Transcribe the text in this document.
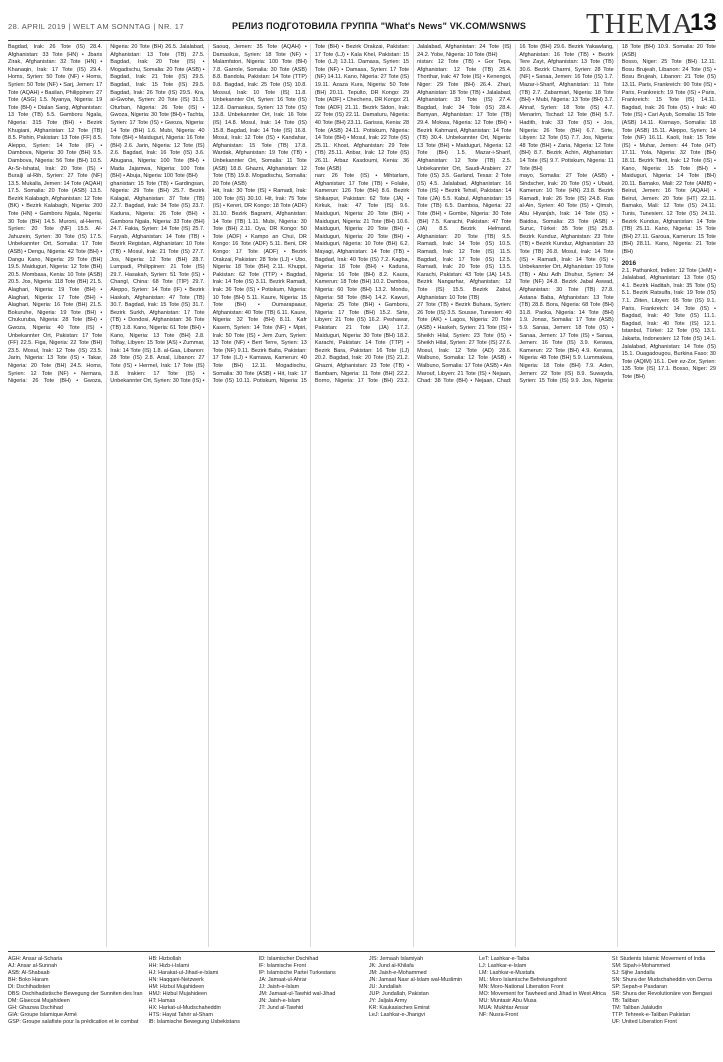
28. APRIL 2019 | WELT AM SONNTAG | NR. 17	РЕЛИЗ ПОДГОТОВИЛА ГРУППА "What's News" VK.COM/WSNWS THEMA
13

Bagdad, Irak: 26 Tote (IS) 28.4. Afghanistan: 33 Tote (HN) • Jbaris Zirak, Afghanistan: 32 Tote (HN) • Khanaqin, Irak: 17 Tote (IS) 29.4. Homs, Syrien: 50 Tote (NF) • Homs, Syrien: 50 Tote (NF) • Sarj, Jemen: 17 Tote (AQAH) • Basilan, Philippinen: 27 Tote (ASG) 1.5. Nyanya, Nigeria: 19 Tote (BH) • Dialan Sang, Afghanistan: 13 Tote (TB) 5.5. Gamboru Ngala, Nigeria: 315 Tote (BH) • Bezirk Khugiani, Afghanistan: 12 Tote (TB) 8.5. Pishin, Pakistan: 13 Tote (FF) 8.5. Aleppo, Syrien: 14 Tote (IF) • Dambova, Nigeria: 30 Tote (BH) 9.5. Dambova, Nigeria: 56 Tote (BH) 10.5. Ar-Sr-Ishatal, Irak: 20 Tote (IS) • Buraiji al-Rih, Syrien: 27 Tote (NF) 13.5. Mukalla, Jemen: 14 Tote (AQAH) 17.5. Somalia: 20 Tote (ASB) 13.5. Bezirk Kalabagh, Afghanistan: 12 Tote (BK) • Bezirk Kalabagh, Nigeria: 200 Tote (HN) • Gamboru Ngala, Nigeria: 30 Tote (BH) 14.5. Muroni, al-Hermi, Syrien: 20 Tote (NF) 15.5. Al-Jahuzein, Syrien: 30 Tote (IS) 17.5. Unbekannter Ort, Somalia: 17 Tote (ASB) • Dengu, Nigeria: 42 Tote (BH) • Dangu Kano, Nigeria: 29 Tote (BH) 19.5. Maiduguri, Nigeria: 12 Tote (BH) 20.5. Mombasa, Kenia: 10 Tote (ASB) 20.5. Jos, Nigeria: 118 Tote (BH) 21.5. Alaghari, Nigeria: 19 Tote (BH) • Alaghari, Nigeria: 17 Tote (BH) • Alaghari, Nigeria: 16 Tote (BH) 21.5. Bokuruhe, Nigeria: 19 Tote (BH) • Chukuruba, Nigeria: 28 Tote (BH) • Gwoza, Nigeria: 40 Tote (IS) • Unbekannter Ort, Pakistan: 17 Tote (FF) 22.5. Figa, Nigeria: 22 Tote (BH) 23.5. Mosul, Irak: 12 Tote (IS) 23.5. Jarin, Nigeria: 13 Tote (IS) • Takar, Nigeria: 20 Tote (BH) 24.5. Homs, Syrien: 12 Tote (NF) • Nemara, Nigeria: 26 Tote (BH) • Gwoza, Nigeria: 20 Tote (BH) 26.5. Jalalabad, Afghanistan: 13 Tote (TB) 27.5. Bagdad, Irak: 20 Tote (IS) • Mogadischu, Somalia: 20 Tote (ASB) • Bagdad, Irak: 21 Tote (IS) 29.5. Bagdad, Irak: 15 Tote (IS) 29.5. Bagdad, Irak: 26 Tote (IS) 29.5. Kra, al-Gwohe, Syrien: 20 Tote (IS) 31.5. Oturban, Nigeria: 26 Tote (IS) • Gwoza, Nigeria: 30 Tote (BH) • Tachta, Syrien: 17 Tote (IS) • Gwoza, Nigeria: 14 Tote (BH) 1.6. Mubi, Nigeria: 40 Tote (BH) • Maiduguri, Nigeria: 16 Tote (BH) 2.6. Jarin, Nigeria: 12 Tote (IS) 2.6. Bagdad, Irak: 16 Tote (IS) 3.6. Abugana, Nigeria: 100 Tote (BH) • Mada Jajamwa, Nigeria: 100 Tote (BH) • Abuja, Nigeria: 100 Tote (BH)

ghanistan: 15 Tote (TB) • Gardingsan, Nigeria: 29 Tote (BH) 25.7. Bezirk Kalagal, Afghanistan: 37 Tote (TB) 22.7. Bagdad, Irak: 34 Tote (IS) 23.7. Kaduna, Nigeria: 26 Tote (BH) • Gambora Ngala, Nigeria: 33 Tote (BH) 24.7. Fakia, Syrien: 14 Tote (IS) 25.7. Faryab, Afghanistan: 14 Tote (TB) • Bezirk Registan, Afghanistan: 10 Tote (TB) • Mosul, Irak: 21 Tote (IS) 27.7. Jos, Nigeria: 12 Tote (BH) 28.7. Lumpadi, Philippinen: 21 Tote (IS) 29.7. Hasakah, Syrien: 51 Tote (IS) • Changl, China: 68 Tote (TIP) 29.7. Aleppo, Syrien: 14 Tote (IF) • Bezirk Haskah, Afghanistan: 47 Tote (TB) 30.7. Bagdad, Irak: 15 Tote (IS) 31.7. Bezirk Surkh, Afghanistan: 17 Tote (TB) • Dondosi, Afghanistan: 36 Tote (TB) 1.8. Kano, Nigeria: 61 Tote (BH) • Kano, Nigeria: 13 Tote (BH) 2.8. Tolfay, Libyen: 15 Tote (AS) • Zummar, Irak: 14 Tote (IS) 1.8. al-Gaa, Libanon: 28 Tote (IS) 2.8. Arsal, Libanon: 27 Tote (IS) • Hermel, Irak: 17 Tote (IS) 3.8. Irakien: 17 Tote (IS) • Unbekannter Ort, Syrien: 30 Tote (IS) • Saouq, Jemen: 35 Tote (AQAH) • Damaskus, Syrien: 18 Tote (NF) • Malamfatori, Nigeria: 100 Tote (BH) 7.8. Garrole, Somalia: 30 Tote (ASB) 8.8. Bandola, Pakistan: 14 Tote (TTP) 9.8. Bagdad, Irak: 25 Tote (IS) 10.8. Mossul, Irak: 10 Tote (IS) 11.8. Unbekannter Ort, Syrien: 16 Tote (IS) 12.8. Damaskus, Syrien: 13 Tote (IS) 13.8. Unbekannter Ort, Irak: 16 Tote (IS) 14.8. Mosul, Irak: 14 Tote (IS) 15.8. Bagdad, Irak: 14 Tote (IS) 16.8. Mosul, Irak: 12 Tote (IS) • Kandahar, Afghanistan: 15 Tote (TB) 17.8. Wardak, Afghanistan: 19 Tote (TB) • Unbekannter Ort, Somalia: 11 Tote (ASB) 18.8. Ghazni, Afghanistan: 12 Tote (TB) 19.8. Mogadischu, Somalia: 20 Tote (ASB)

Hit, Irak: 30 Tote (IS) • Ramadi, Irak: 100 Tote (IS) 30.10. Hit, Irak: 75 Tote (IS) • Kereri, DR Kongo: 18 Tote (ADF) 31.10. Bezirk Bagrami, Afghanistan: 14 Tote (TB) 1.11. Mubi, Nigeria: 30 Tote (BH) 2.11. Oya, DR Kongo: 50 Tote (ADF) • Kampo an Chui, DR Kongo: 16 Tote (ADF) 5.11. Beni, DR Kongo: 17 Tote (ADF) • Bezirk Orakzai, Pakistan: 28 Tote (LJ) • Ubo, Nigeria: 18 Tote (BH) 2.11. Khuppi, Pakistan: 62 Tote (TTP) • Bagdad, Irak: 14 Tote (IS) 3.11. Bezirk Ramadi, Irak: 36 Tote (IS) • Potiskum, Nigeria: 10 Tote (BH) 5.11. Kaure, Nigeria: 15 Tote (BH) • Oumarapaaur, Afghanistan: 40 Tote (TB) 6.11. Kaure, Nigeria: 32 Tote (BH) 8.11. Kafr Kasem, Syrien: 14 Tote (NF) • Mpiri, Irak: 50 Tote (IS) • Jem Zum, Syrien: 13 Tote (NF) • Bert Terre, Syrien: 13 Tote (NF) 9.11. Bezirk Balta, Pakistan: 17 Tote (LJ) • Kamawa, Kamerun: 40 Tote (BH) 12.11. Mogadischu, Somalia: 30 Tote (ASB) • Hit, Irak: 17 Tote (IS) 10.11. Potiskum, Nigeria: 15 Tote (BH) • Bezirk Orakzai, Pakistan: 17 Tote (LJ) • Kala Khel, Pakistan: 15 Tote (LJ) 13.11. Damasa, Syrien: 15 Tote (NF) • Damasa, Syrien: 17 Tote (NF) 14.11. Kano, Nigeria: 27 Tote (IS) 19.11. Azaza Kura, Nigeria: 50 Tote (BH) 20.11. Tepulto, DR Kongo: 29 Tote (ADF) • Chechens, DR Kongo: 21 Tote (ADF) 21.11. Bezirk Sidon, Irak: 22 Tote (IS) 22.11. Damaturu, Nigeria: 40 Tote (BH) 23.11. Garissa, Kenia: 28 Tote (ASB) 24.11. Potiskum, Nigeria: 14 Tote (BH) • Mosul, Irak: 22 Tote (IS) 25.11. Khost, Afghanistan: 29 Tote (TB) 25.11. Anbar, Irak: 12 Tote (IS) 26.11. Arbaz Kasdoumi, Kenia: 36 Tote (ASB)

nan: 26 Tote (IS) • Mihtarlam, Afghanistan: 17 Tote (TB) • Folake, Kamerun: 126 Tote (BH) 8.6. Bezirk Shikarpur, Pakistan: 62 Tote (JA) • Kirkuk, Irak: 47 Tote (IS) 9.6. Maiduguri, Nigeria: 20 Tote (BH) • Maiduguri, Nigeria: 21 Tote (BH) 10.6. Maiduguri, Nigeria: 20 Tote (BH) • Maiduguri, Nigeria: 20 Tote (BH) • Maiduguri, Nigeria: 10 Tote (BH) 6.2. Mayagi, Afghanistan: 14 Tote (TB) • Bagdad, Irak: 40 Tote (IS) 7.2. Kagba, Nigeria: 18 Tote (BH) • Kaduna, Nigeria: 16 Tote (BH) 8.2. Kaura, Kamerun: 18 Tote (BH) 10.2. Damboa, Nigeria: 60 Tote (BH) 13.2. Mondu, Nigeria: 58 Tote (BH) 14.2. Kawuri, Nigeria: 25 Tote (BH) • Gamboru, Nigeria: 17 Tote (BH) 15.2. Sirte, Libyen: 21 Tote (IS) 16.2. Peshawar, Pakistan: 21 Tote (JA) 17.2. Maiduguri, Nigeria: 30 Tote (BH) 18.2. Karachi, Pakistan: 14 Tote (TTP) • Bezirk Bara, Pakistan: 16 Tote (LJ) 20.2. Bagdad, Irak: 20 Tote (IS) 21.2. Ghazni, Afghanistan: 23 Tote (TB) • Bambam, Nigeria: 11 Tote (BH) 22.2. Borno, Nigeria: 17 Tote (BH) 23.2. Jalalabad, Afghanistan: 24 Tote (IS) 24.2. Yobe, Nigeria: 10 Tote (BH)

nistan: 12 Tote (TB) • Gor Tepa, Afghanistan: 12 Tote (TB) 25.4. Thorthar, Irak: 47 Tote (IS) • Kenengoi, Niger: 29 Tote (BH) 26.4. Zhari, Afghanistan: 18 Tote (TB) • Jalalabad, Afghanistan: 33 Tote (IS) 27.4. Bagdad, Irak: 34 Tote (IS) 28.4. Bamyan, Afghanistan: 17 Tote (TB) 29.4. Mokwa, Nigeria: 12 Tote (BH) • Bezirk Kahmard, Afghanistan: 14 Tote (TB) 30.4. Unbekannter Ort, Nigeria: 13 Tote (BH) • Maiduguri, Nigeria: 12 Tote (BH) 1.5. Mazar-i-Sharif, Afghanistan: 12 Tote (TB) 2.5. Unbekannter Ort, Saudi-Arabien: 27 Tote (IS) 3.5. Garland, Texas: 2 Tote (IS) 4.5. Jalalabad, Afghanistan: 16 Tote (IS) • Bezirk Tehsil, Pakistan: 14 Tote (JA) 5.5. Kabul, Afghanistan: 15 Tote (TB) 6.5. Damboa, Nigeria: 22 Tote (BH) • Gombe, Nigeria: 30 Tote (BH) 7.5. Karachi, Pakistan: 47 Tote (JA) 8.5. Bezirk Helmand, Afghanistan: 20 Tote (TB) 9.5. Ramadi, Irak: 14 Tote (IS) 10.5. Ramadi, Irak: 12 Tote (IS) 11.5. Bagdad, Irak: 17 Tote (IS) 12.5. Ramadi, Irak: 20 Tote (IS) 13.5. Karachi, Pakistan: 43 Tote (JA) 14.5. Bezirk Nangarhar, Afghanistan: 12 Tote (IS) 15.5. Bezirk Zabul, Afghanistan: 10 Tote (TB)

27 Tote (TB) • Bezirk Buhara, Syrien: 26 Tote (IS) 3.5. Sousse, Tunesien: 40 Tote (AK) • Lagos, Nigeria: 20 Tote (ASB) • Haskeh, Syrien: 21 Tote (IS) • Sheikh Hilal, Syrien: 23 Tote (IS) • Sheikh Hilal, Syrien: 27 Tote (IS) 27.6. Mosul, Irak: 12 Tote (AD) 28.6. Walbuno, Somalia: 12 Tote (ASB) • Walbuno, Somalia: 17 Tote (ASB) • Ain Marouf, Libyen: 21 Tote (IS) • Nejaan, Chad: 38 Tote (BH) • Nejaan, Chad: 16 Tote (BH) 29.6. Bezirk Yakawlang, Afghanistan: 16 Tote (TB) • Bezirk Tere Zayt, Afghanistan: 13 Tote (TB) 30.6. Bezirk Charmi, Syrien: 28 Tote (NF) • Sanaa, Jemen: 16 Tote (IS) 1.7. Mazar-i-Sharif, Afghanistan: 11 Tote (TB) 2.7. Zabarmari, Nigeria: 18 Tote (BH) • Mubi, Nigeria: 13 Tote (BH) 3.7. Ahnaf, Syrien: 18 Tote (IS) 4.7. Menarim, Tschad: 12 Tote (BH) 5.7. Hadith, Irak: 33 Tote (IS) • Jos, Nigeria: 26 Tote (BH) 6.7. Sirte, Libyen: 12 Tote (IS) 7.7. Jos, Nigeria: 48 Tote (BH) • Zaria, Nigeria: 12 Tote (BH) 8.7. Bezirk Achin, Afghanistan: 14 Tote (IS) 9.7. Potiskum, Nigeria: 11 Tote (BH)

mayo, Somalia: 27 Tote (ASB) • Sindscher, Irak: 20 Tote (IS) • Ubaid, Kamerun: 10 Tote (HN) 23.8. Bezirk Ramadi, Irak: 26 Tote (IS) 24.8. Ras al-Ain, Syrien: 40 Tote (IS) • Qimsh, Abu Hiyanjah, Irak: 14 Tote (IS) • Baidoa, Somalia: 23 Tote (ASB) • Suruc, Türkei: 35 Tote (IS) 25.8. Bezirk Kunduz, Afghanistan: 23 Tote (TB) • Bezirk Kunduz, Afghanistan: 33 Tote (TB) 26.8. Mosul, Irak: 14 Tote (IS) • Ramadi, Irak: 14 Tote (IS) • Unbekannter Ort, Afghanistan: 19 Tote (TB) • Abu Adh Dhuhur, Syrien: 34 Tote (NF) 24.8. Bezirk Jabal Aswad, Afghanistan: 30 Tote (TB) 27.8. Astana Baba, Afghanistan: 13 Tote (TB) 28.8. Bora, Nigeria: 68 Tote (BH) 31.8. Paoka, Nigeria: 14 Tote (BH) 1.9. Jonas, Somalia: 17 Tote (ASB) 5.9. Sanaa, Jemen: 18 Tote (IS) • Sanaa, Jemen: 17 Tote (IS) • Sanaa, Jemen: 16 Tote (IS) 3.9. Kerawa, Kamerun: 22 Tote (BH) 4.9. Kerawa, Nigeria: 48 Tote (BH) 5.9. Lummakwa, Nigeria: 18 Tote (BH) 7.9. Aden, Jemen: 22 Tote (IS) 8.9. Suwayda, Syrien: 15 Tote (IS) 9.9. Jos, Nigeria: 18 Tote (BH) 10.9. Somalia: 20 Tote (ASB)

Bosso, Niger: 25 Tote (BH) 12.11. Bosu Brujeah, Libanon: 24 Tote (IS) • Bosu Brujeah, Libanon: 21 Tote (IS) 13.11. Paris, Frankreich: 90 Tote (IS) • Paris, Frankreich: 19 Tote (IS) • Paris, Frankreich: 15 Tote (IS) 14.11. Bagdad, Irak: 26 Tote (IS) • Irak: 40 Tote (IS) • Cari Ayub, Somalia: 15 Tote (ASB) 14.11. Kismayo, Somalia: 18 Tote (ASB) 15.11. Aleppo, Syrien: 14 Tote (NF) 16.11. Kaoli, Irak: 15 Tote (IS) • Muhar, Jemen: 44 Tote (HT) 17.11. Yola, Nigeria: 32 Tote (BH) 18.11. Bezirk Tikrit, Irak: 12 Tote (IS) • Kano, Nigeria: 15 Tote (BH) • Maiduguri, Nigeria: 14 Tote (BH) 20.11. Bamako, Mali: 22 Tote (AMB) • Beirut, Jemen: 16 Tote (AQAH) • Beirut, Jemen: 20 Tote (HT) 22.11. Bamako, Mali: 12 Tote (IS) 24.11. Tunis, Tunesien: 12 Tote (IS) 24.11. Bezirk Kundus, Afghanistan: 14 Tote (TB) 25.11. Kano, Nigeria: 15 Tote (BH) 27.11. Garoua, Kamerun: 15 Tote (BH) 28.11. Kano, Nigeria: 21 Tote (BH)

2016

2.1. Pathankot, Indien: 12 Tote (JeM) • Jalalabad, Afghanistan: 13 Tote (IS) 4.1. Bezirk Haditah, Irak: 35 Tote (IS) 5.1. Bezirk Ratsulfa, Irak: 19 Tote (IS) 7.1. Zliten, Libyen: 65 Tote (IS) 9.1. Paris, Frankreich: 14 Tote (IS) • Bagdad, Irak: 40 Tote (IS) 11.1. Bagdad, Irak: 40 Tote (IS) 12.1. Istanbul, Türkei: 12 Tote (IS) 13.1. Jakarta, Indonesien: 12 Tote (IS) 14.1. Jalalabad, Afghanistan: 14 Tote (IS) 15.1. Ouagadougou, Burkina Faso: 30 Tote (AQIM) 16.1. Deir ez-Zor, Syrien: 135 Tote (IS) 17.1. Bosso, Niger: 29 Tote (BH)

AGH: Ansar al-Scharia
AJ: Ansar al-Sunnah
ASB: Al-Shabaab
BH: Boko Haram
DI: Dschihadisten
DBS: Dschihadistische Bewegung der Sunniten des Iran
DM: Glaeccai Mujahideen
GH: Ghazwa Dschihad
GIA: Groupe Islamique Armé
GSP: Groupe salafiste pour la prédication et le combat
HB: Hizbollah
HH: Hizb-i-Islami
HJ: Harakat-ul-Jihad-e-Islami
HN: Haqqani-Netzwerk
HM: Hizbul Mujahideen
HMJ: Hizbul Mujahideen
HT: Hamas
HX: Harkat-ul-Mudschaheddin
HTS: Hayat Tahrir al-Sham
IB: Islamische Bewegung Usbekistans
ID: Islamischer Dschihad
IF: Islamische Front
IP: Islamische Partei Turkestans
JA: Jamaat-ul-Ahrar
JJ: Jaish-e-Islam
JM: Jamaat-ul-Tawhid wal-Jihad
JN: Jaish-e-Islam
JT: Jund al-Tawhid
JIS: Jemaah Islamiyah
JK: Jund al-Khilafa
JM: Jaish-e-Mohammed
JN: Jamaat Nasr al-Islam wal-Muslimin
JU: Jundallah
JUP: Jundallah, Pakistan
JY: Jaljala Army
KR: Kaukasisches Emirat
LeJ: Lashkar-e-Jhangvi
LeT: Lashkar-e-Taiba
LJ: Lashkar-e-Islam
LM: Lashkar-e-Mustafa
ML: Moro Islamische Befreiungsfront
MN: Moro-National Liberation Front
MO: Movement for Tawheed and Jihad in West Africa
MU: Muntasir Abu Musa
MUA: Mukhtar Ansar
NF: Nusra-Front
SI: Students Islamic Movement of India
SM: Sipah-i-Mohammed
SJ: Sijhe Jandalla
SN: Shura der Mudschaheddin von Derna
SP: Sepah-e Pasdaran
SR: Shura der Revolutionäre von Bengasi
TB: Taliban
TM: Taliban Jalaludin
TTP: Tehreek-e-Taliban Pakistan
UF: United Liberation Front
